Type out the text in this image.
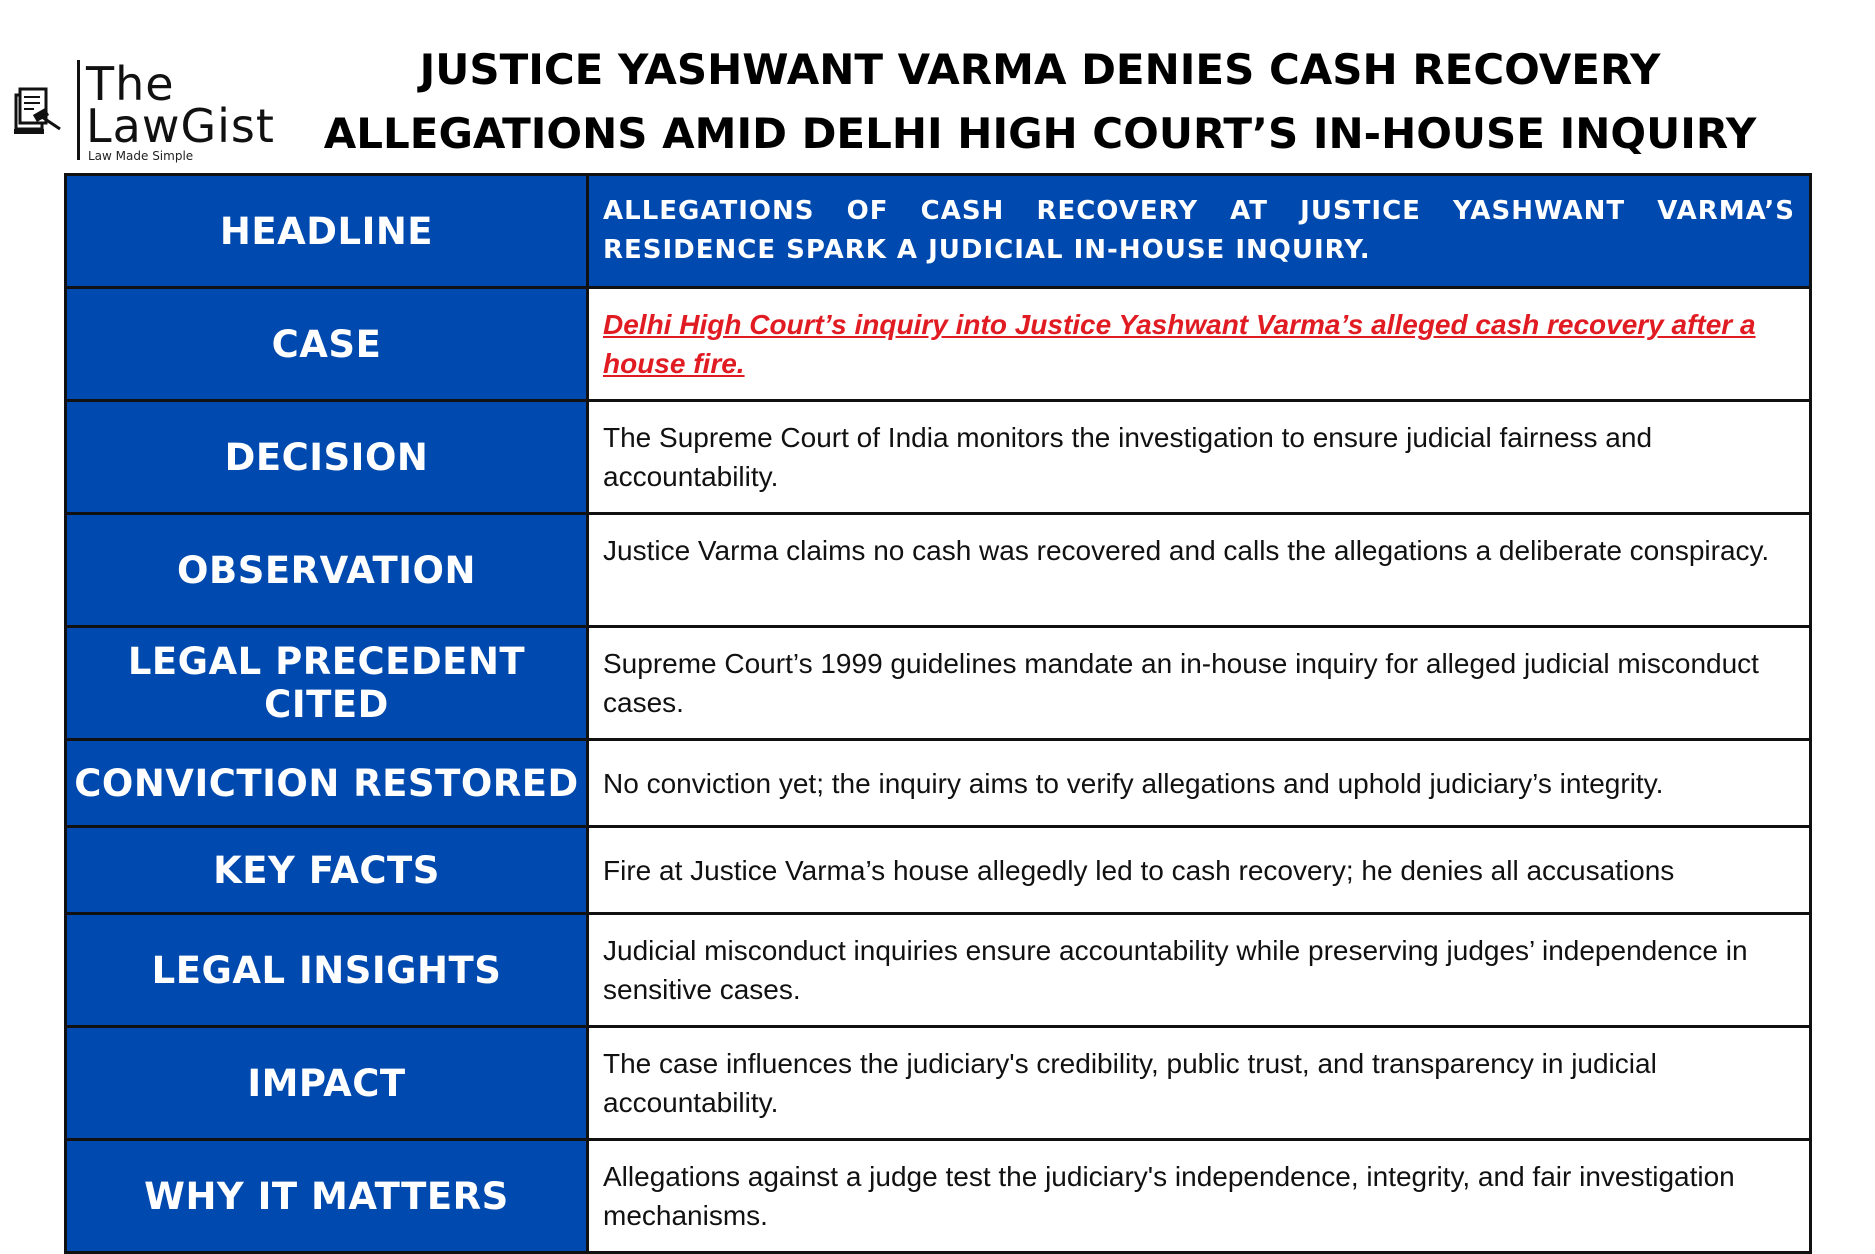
The
LawGist
Law Made Simple
JUSTICE YASHWANT VARMA DENIES CASH RECOVERY
ALLEGATIONS AMID DELHI HIGH COURT’S IN-HOUSE INQUIRY
HEADLINE	ALLEGATIONS OF CASH RECOVERY AT JUSTICE YASHWANT VARMA’S RESIDENCE SPARK A JUDICIAL IN-HOUSE INQUIRY.
CASE	Delhi High Court’s inquiry into Justice Yashwant Varma’s alleged cash recovery after a house fire.
DECISION	The Supreme Court of India monitors the investigation to ensure judicial fairness and accountability.
OBSERVATION	Justice Varma claims no cash was recovered and calls the allegations a deliberate conspiracy.
LEGAL PRECEDENT CITED	Supreme Court’s 1999 guidelines mandate an in-house inquiry for alleged judicial misconduct cases.
CONVICTION RESTORED	No conviction yet; the inquiry aims to verify allegations and uphold judiciary’s integrity.
KEY FACTS	Fire at Justice Varma’s house allegedly led to cash recovery; he denies all accusations
LEGAL INSIGHTS	Judicial misconduct inquiries ensure accountability while preserving judges’ independence in sensitive cases.
IMPACT	The case influences the judiciary's credibility, public trust, and transparency in judicial accountability.
WHY IT MATTERS	Allegations against a judge test the judiciary's independence, integrity, and fair investigation mechanisms.
